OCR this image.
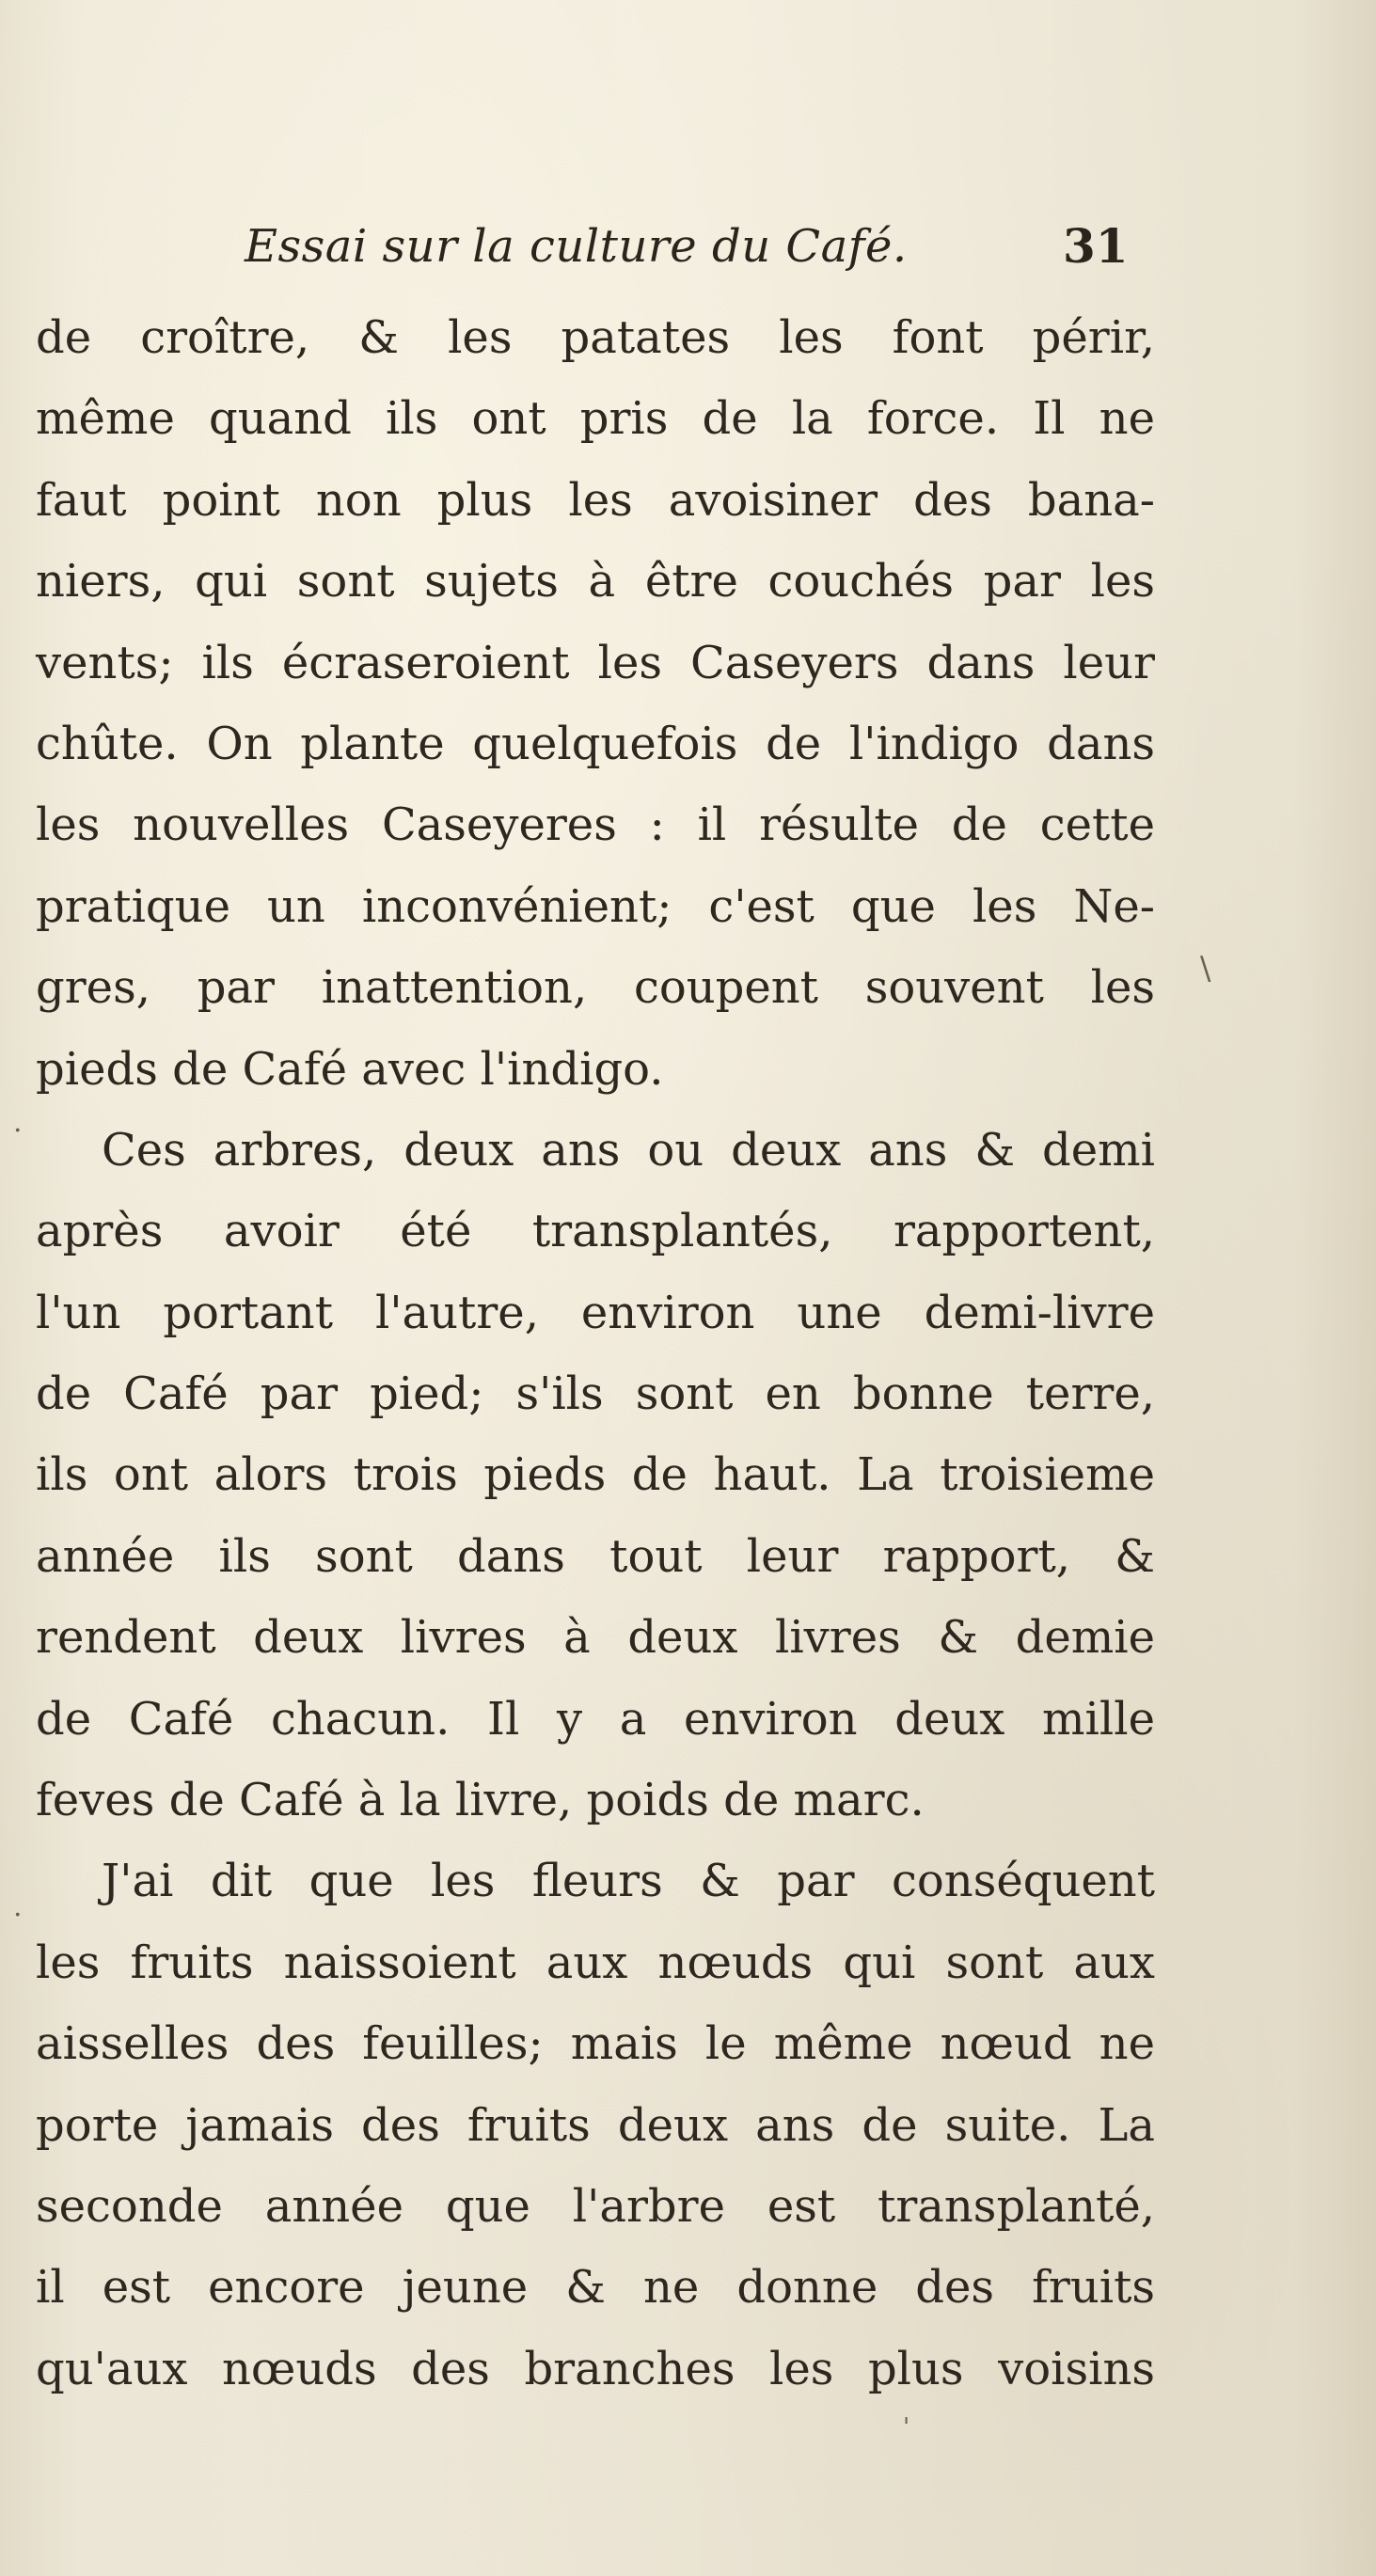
Essai sur la culture du Café.	31
de croître, & les patates les font périr,
même quand ils ont pris de la force. Il ne
faut point non plus les avoisiner des bana-
niers, qui sont sujets à être couchés par les
vents; ils écraseroient les Caseyers dans leur
chûte. On plante quelquefois de l'indigo dans
les nouvelles Caseyeres : il résulte de cette
pratique un inconvénient; c'est que les Ne-
gres, par inattention, coupent souvent les
pieds de Café avec l'indigo.
Ces arbres, deux ans ou deux ans & demi
après avoir été transplantés, rapportent,
l'un portant l'autre, environ une demi-livre
de Café par pied; s'ils sont en bonne terre,
ils ont alors trois pieds de haut. La troisieme
année ils sont dans tout leur rapport, &
rendent deux livres à deux livres & demie
de Café chacun. Il y a environ deux mille
feves de Café à la livre, poids de marc.
J'ai dit que les fleurs & par conséquent
les fruits naissoient aux nœuds qui sont aux
aisselles des feuilles; mais le même nœud ne
porte jamais des fruits deux ans de suite. La
seconde année que l'arbre est transplanté,
il est encore jeune & ne donne des fruits
qu'aux nœuds des branches les plus voisins
\
.
.
'
